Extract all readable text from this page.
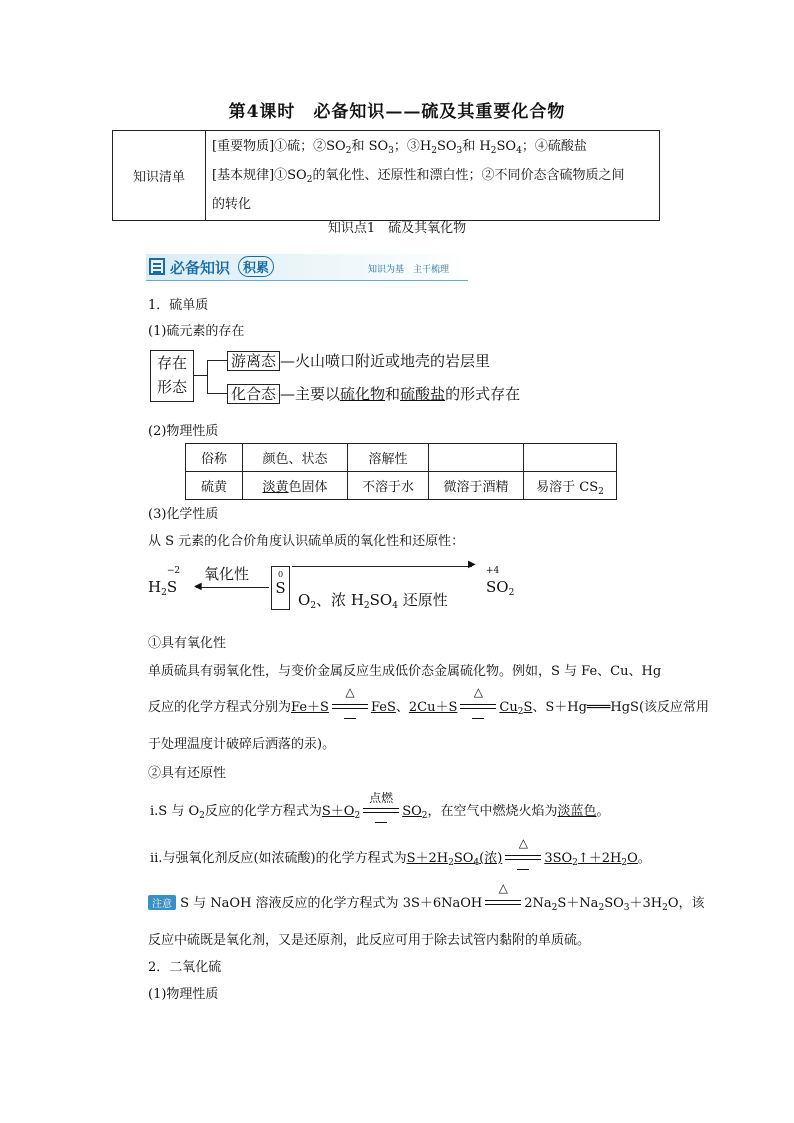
第4课时　必备知识——硫及其重要化合物
知识清单	[重要物质]①硫；$②SO_2$和 $SO_3$；$③H_2SO_3$和 $H_2SO_4$；④硫酸盐
[基本规律]$①SO_2$的氧化性、还原性和漂白性；②不同价态含硫物质之间
的转化
知识点1　硫及其氧化物
必备知识 积累	知识为基　主干梳理
1．硫单质
(1)硫元素的存在
存在
形态
游离态 —火山喷口附近或地壳的岩层里
化合态 —主要以硫化物和硫酸盐的形式存在
(2)物理性质
俗称	颜色、状态	溶解性		
硫黄	淡黄色固体	不溶于水	微溶于酒精	易溶于 $CS_2$
(3)化学性质
从 S 元素的化合价角度认识硫单质的氧化性和还原性：
$H_2$
−2
S ◀
氧化性	0
S
▶
$O_2$、浓 $H_2SO_4$ 还原性
+4
$SO_2$
①具有氧化性
单质硫具有弱氧化性，与变价金属反应生成低价态金属硫化物。例如，S 与 Fe、Cu、Hg
反应的化学方程式分别为Fe＋S
△
FeS、2Cu＋S
△
$Cu_2S$、S＋Hg═══HgS(该反应常用
于处理温度计破碎后洒落的汞)。
②具有还原性
ⅰ.S 与 $O_2$反应的化学方程式为$S+O_2$
点燃
$SO_2$，在空气中燃烧火焰为淡蓝色。
ⅱ.与强氧化剂反应(如浓硫酸)的化学方程式为$S+2H_2SO_4$(浓)
△
$3SO_2↑+2H_2O$。
注意 S 与 NaOH 溶液反应的化学方程式为 3S＋6NaOH
△
$2Na_2S+Na_2SO_3+3H_2O$，该
反应中硫既是氧化剂，又是还原剂，此反应可用于除去试管内黏附的单质硫。
2．二氧化硫
(1)物理性质
